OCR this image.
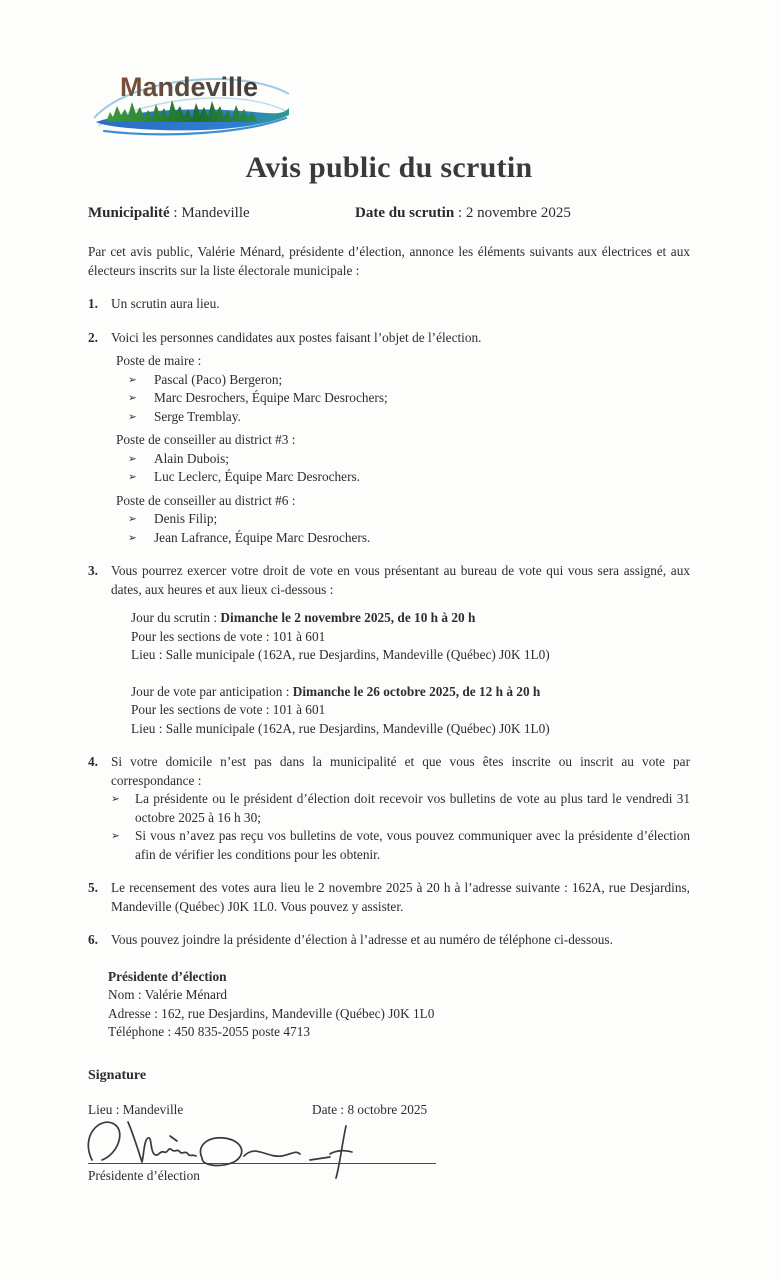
Mandeville
Avis public du scrutin
Municipalité : Mandeville	Date du scrutin : 2 novembre 2025

Par cet avis public, Valérie Ménard, présidente d’élection, annonce les éléments suivants aux électrices et aux électeurs inscrits sur la liste électorale municipale :

1. Un scrutin aura lieu.
2. Voici les personnes candidates aux postes faisant l’objet de l’élection.
Poste de maire :
➢	Pascal (Paco) Bergeron;
➢	Marc Desrochers, Équipe Marc Desrochers;
➢	Serge Tremblay.
Poste de conseiller au district #3 :
➢	Alain Dubois;
➢	Luc Leclerc, Équipe Marc Desrochers.
Poste de conseiller au district #6 :
➢	Denis Filip;
➢	Jean Lafrance, Équipe Marc Desrochers.
3. Vous pourrez exercer votre droit de vote en vous présentant au bureau de vote qui vous sera assigné, aux dates, aux heures et aux lieux ci-dessous :
Jour du scrutin : Dimanche le 2 novembre 2025, de 10 h à 20 h
Pour les sections de vote : 101 à 601
Lieu : Salle municipale (162A, rue Desjardins, Mandeville (Québec) J0K 1L0)
Jour de vote par anticipation : Dimanche le 26 octobre 2025, de 12 h à 20 h
Pour les sections de vote : 101 à 601
Lieu : Salle municipale (162A, rue Desjardins, Mandeville (Québec) J0K 1L0)
4. Si votre domicile n’est pas dans la municipalité et que vous êtes inscrite ou inscrit au vote par correspondance :
➢	La présidente ou le président d’élection doit recevoir vos bulletins de vote au plus tard le vendredi 31 octobre 2025 à 16 h 30;
➢	Si vous n’avez pas reçu vos bulletins de vote, vous pouvez communiquer avec la présidente d’élection afin de vérifier les conditions pour les obtenir.
5. Le recensement des votes aura lieu le 2 novembre 2025 à 20 h à l’adresse suivante : 162A, rue Desjardins, Mandeville (Québec) J0K 1L0. Vous pouvez y assister.
6. Vous pouvez joindre la présidente d’élection à l’adresse et au numéro de téléphone ci-dessous.
Présidente d’élection
Nom : Valérie Ménard
Adresse : 162, rue Desjardins, Mandeville (Québec) J0K 1L0
Téléphone : 450 835-2055 poste 4713
Signature
Lieu : Mandeville	Date : 8 octobre 2025
Présidente d’élection
